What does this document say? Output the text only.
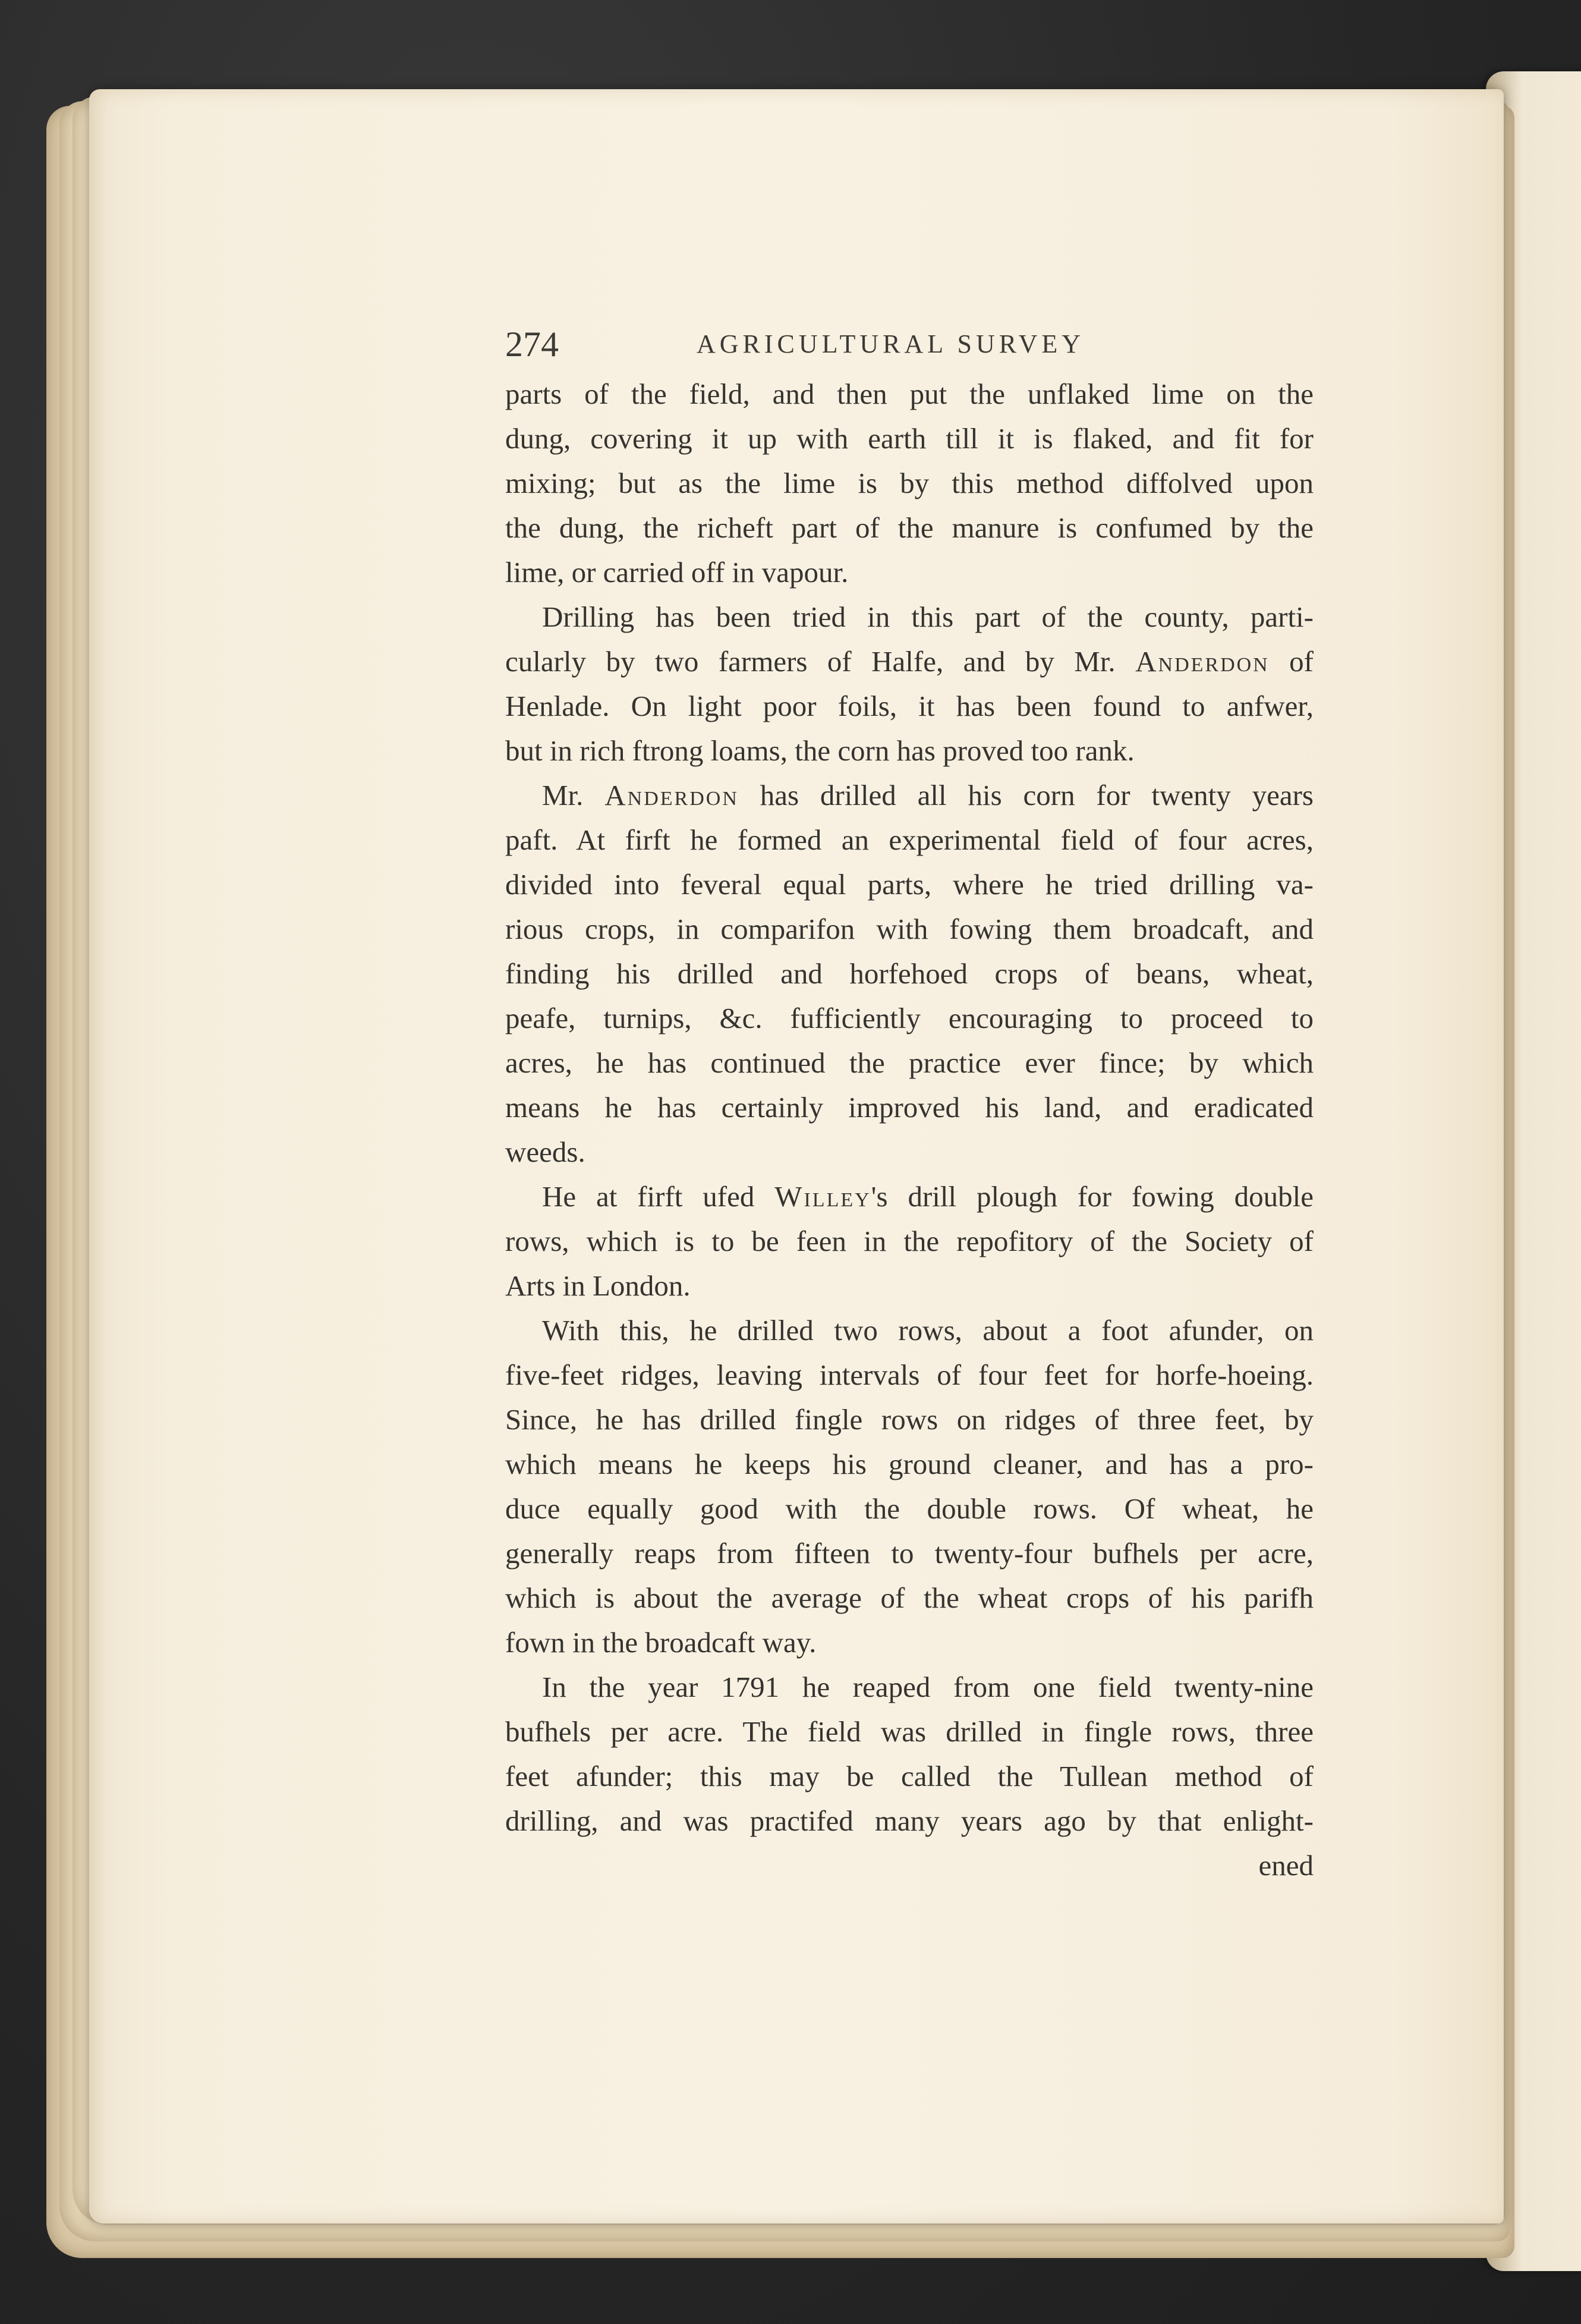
274	AGRICULTURAL SURVEY
parts of the field, and then put the unflaked lime on the
dung, covering it up with earth till it is flaked, and fit for
mixing; but as the lime is by this method diffolved upon
the dung, the richeft part of the manure is confumed by the
lime, or carried off in vapour.
Drilling has been tried in this part of the county, parti-
cularly by two farmers of Halfe, and by Mr. Anderdon of
Henlade. On light poor foils, it has been found to anfwer,
but in rich ftrong loams, the corn has proved too rank.
Mr. Anderdon has drilled all his corn for twenty years
paft. At firft he formed an experimental field of four acres,
divided into feveral equal parts, where he tried drilling va-
rious crops, in comparifon with fowing them broadcaft, and
finding his drilled and horfehoed crops of beans, wheat,
peafe, turnips, &c. fufficiently encouraging to proceed to
acres, he has continued the practice ever fince; by which
means he has certainly improved his land, and eradicated
weeds.
He at firft ufed Willey's drill plough for fowing double
rows, which is to be feen in the repofitory of the Society of
Arts in London.
With this, he drilled two rows, about a foot afunder, on
five-feet ridges, leaving intervals of four feet for horfe-hoeing.
Since, he has drilled fingle rows on ridges of three feet, by
which means he keeps his ground cleaner, and has a pro-
duce equally good with the double rows. Of wheat, he
generally reaps from fifteen to twenty-four bufhels per acre,
which is about the average of the wheat crops of his parifh
fown in the broadcaft way.
In the year 1791 he reaped from one field twenty-nine
bufhels per acre. The field was drilled in fingle rows, three
feet afunder; this may be called the Tullean method of
drilling, and was practifed many years ago by that enlight-
ened
